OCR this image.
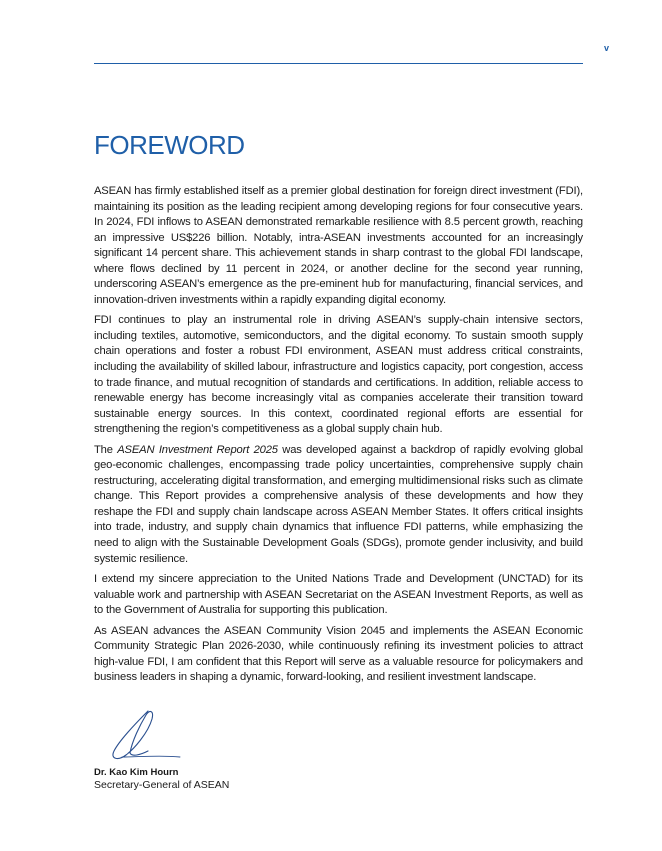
v
FOREWORD

ASEAN has firmly established itself as a premier global destination for foreign direct investment (FDI), maintaining its position as the leading recipient among developing regions for four consecutive years. In 2024, FDI inflows to ASEAN demonstrated remarkable resilience with 8.5 percent growth, reaching an impressive US$226 billion. Notably, intra-ASEAN investments accounted for an increasingly significant 14 percent share. This achievement stands in sharp contrast to the global FDI landscape, where flows declined by 11 percent in 2024, or another decline for the second year running, underscoring ASEAN’s emergence as the pre-eminent hub for manufacturing, financial services, and innovation-driven investments within a rapidly expanding digital economy.

FDI continues to play an instrumental role in driving ASEAN’s supply-chain intensive sectors, including textiles, automotive, semiconductors, and the digital economy. To sustain smooth supply chain operations and foster a robust FDI environment, ASEAN must address critical constraints, including the availability of skilled labour, infrastructure and logistics capacity, port congestion, access to trade finance, and mutual recognition of standards and certifications. In addition, reliable access to renewable energy has become increasingly vital as companies accelerate their transition toward sustainable energy sources. In this context, coordinated regional efforts are essential for strengthening the region’s competitiveness as a global supply chain hub.

The ASEAN Investment Report 2025 was developed against a backdrop of rapidly evolving global geo-economic challenges, encompassing trade policy uncertainties, comprehensive supply chain restructuring, accelerating digital transformation, and emerging multidimensional risks such as climate change. This Report provides a comprehensive analysis of these developments and how they reshape the FDI and supply chain landscape across ASEAN Member States. It offers critical insights into trade, industry, and supply chain dynamics that influence FDI patterns, while emphasizing the need to align with the Sustainable Development Goals (SDGs), promote gender inclusivity, and build systemic resilience.

I extend my sincere appreciation to the United Nations Trade and Development (UNCTAD) for its valuable work and partnership with ASEAN Secretariat on the ASEAN Investment Reports, as well as to the Government of Australia for supporting this publication.

As ASEAN advances the ASEAN Community Vision 2045 and implements the ASEAN Economic Community Strategic Plan 2026-2030, while continuously refining its investment policies to attract high-value FDI, I am confident that this Report will serve as a valuable resource for policymakers and business leaders in shaping a dynamic, forward-looking, and resilient investment landscape.

Dr. Kao Kim Hourn
Secretary-General of ASEAN
